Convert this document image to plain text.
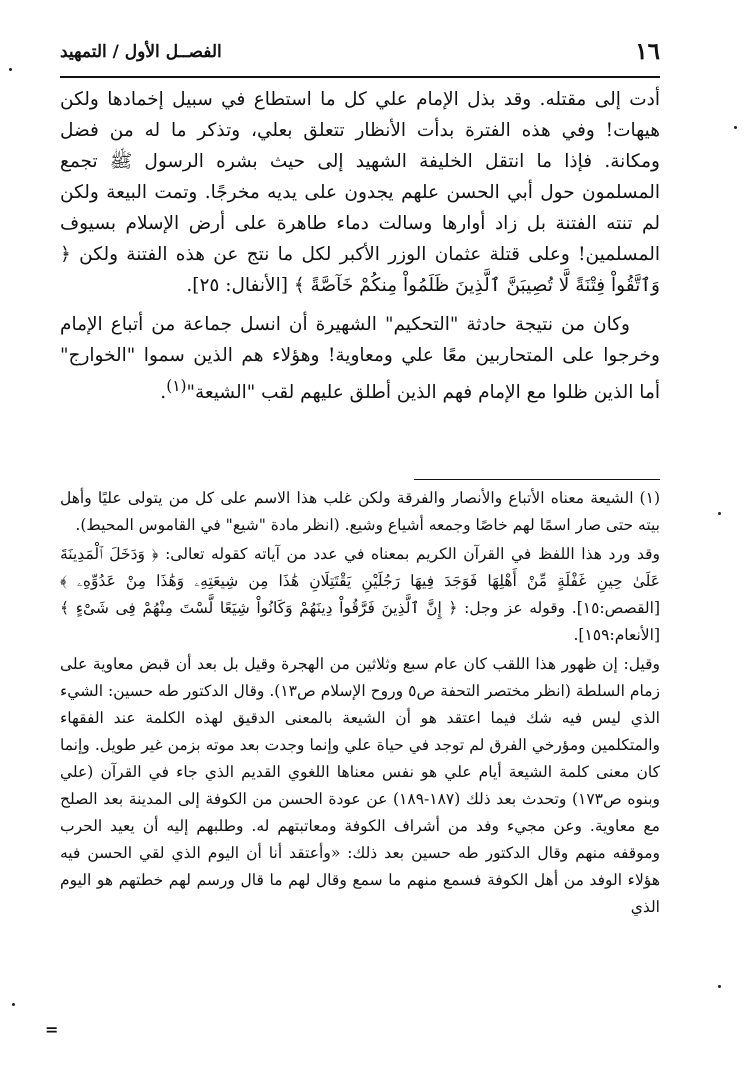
١٦
الفصــل الأول / التمهيد

أدت إلى مقتله. وقد بذل الإمام علي كل ما استطاع في سبيل إخمادها ولكن هيهات! وفي هذه الفترة بدأت الأنظار تتعلق بعلي، وتذكر ما له من فضل ومكانة. فإذا ما انتقل الخليفة الشهيد إلى حيث بشره الرسول ﷺ تجمع المسلمون حول أبي الحسن علهم يجدون على يديه مخرجًا. وتمت البيعة ولكن لم تنته الفتنة بل زاد أوارها وسالت دماء طاهرة على أرض الإسلام بسيوف المسلمين! وعلى قتلة عثمان الوزر الأكبر لكل ما نتج عن هذه الفتنة ولكن ﴿ وَٱتَّقُواْ فِتْنَةً لَّا تُصِيبَنَّ ٱلَّذِينَ ظَلَمُواْ مِنكُمْ خَآصَّةً ﴾ [الأنفال: ٢٥].

وكان من نتيجة حادثة "التحكيم" الشهيرة أن انسل جماعة من أتباع الإمام وخرجوا على المتحاربين معًا علي ومعاوية! وهؤلاء هم الذين سموا "الخوارج" أما الذين ظلوا مع الإمام فهم الذين أطلق عليهم لقب "الشيعة"$^{(١)}$.

(١)الشيعة معناه الأتباع والأنصار والفرقة ولكن غلب هذا الاسم على كل من يتولى عليًا وأهل بيته حتى صار اسمًا لهم خاصًا وجمعه أشياع وشيع. (انظر مادة "شيع" في القاموس المحيط).

وقد ورد هذا اللفظ في القرآن الكريم بمعناه في عدد من آياته كقوله تعالى: ﴿ وَدَخَلَ ٱلْمَدِينَةَ عَلَىٰ حِينِ غَفْلَةٍ مِّنْ أَهْلِهَا فَوَجَدَ فِيهَا رَجُلَيْنِ يَقْتَتِلَانِ هَٰذَا مِن شِيعَتِهِۦ وَهَٰذَا مِنْ عَدُوِّهِۦ ﴾ [القصص:١٥]. وقوله عز وجل: ﴿ إِنَّ ٱلَّذِينَ فَرَّقُواْ دِينَهُمْ وَكَانُواْ شِيَعًا لَّسْتَ مِنْهُمْ فِى شَىْءٍ ﴾ [الأنعام:١٥٩].

وقيل: إن ظهور هذا اللقب كان عام سبع وثلاثين من الهجرة وقيل بل بعد أن قبض معاوية على زمام السلطة (انظر مختصر التحفة ص٥ وروح الإسلام ص١٣). وقال الدكتور طه حسين: الشيء الذي ليس فيه شك فيما اعتقد هو أن الشيعة بالمعنى الدقيق لهذه الكلمة عند الفقهاء والمتكلمين ومؤرخي الفرق لم توجد في حياة علي وإنما وجدت بعد موته بزمن غير طويل. وإنما كان معنى كلمة الشيعة أيام علي هو نفس معناها اللغوي القديم الذي جاء في القرآن (علي وبنوه ص١٧٣) وتحدث بعد ذلك (١٨٧-١٨٩) عن عودة الحسن من الكوفة إلى المدينة بعد الصلح مع معاوية. وعن مجيء وفد من أشراف الكوفة ومعاتبتهم له. وطلبهم إليه أن يعيد الحرب وموقفه منهم وقال الدكتور طه حسين بعد ذلك: «وأعتقد أنا أن اليوم الذي لقي الحسن فيه هؤلاء الوفد من أهل الكوفة فسمع منهم ما سمع وقال لهم ما قال ورسم لهم خطتهم هو اليوم الذي

=
